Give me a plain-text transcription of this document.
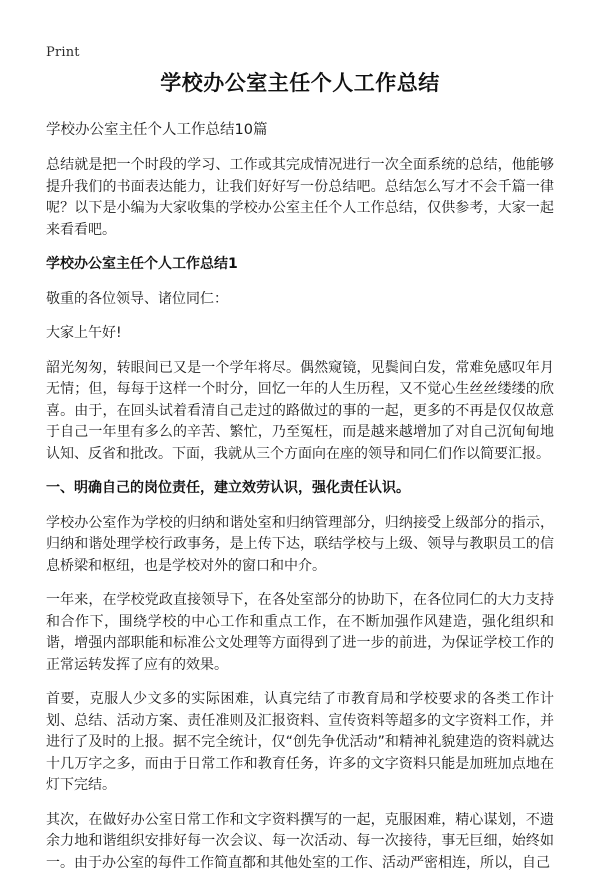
Print
学校办公室主任个人工作总结

学校办公室主任个人工作总结10篇

总结就是把一个时段的学习、工作或其完成情况进行一次全面系统的总结，他能够提升我们的书面表达能力，让我们好好写一份总结吧。总结怎么写才不会千篇一律呢？以下是小编为大家收集的学校办公室主任个人工作总结，仅供参考，大家一起来看看吧。

学校办公室主任个人工作总结1

敬重的各位领导、诸位同仁：

大家上午好!

韶光匆匆，转眼间已又是一个学年将尽。偶然窥镜，见鬓间白发，常难免感叹年月无情；但，每每于这样一个时分，回忆一年的人生历程，又不觉心生丝丝缕缕的欣喜。由于，在回头试着看清自己走过的路做过的事的一起，更多的不再是仅仅故意于自己一年里有多么的辛苦、繁忙，乃至冤枉，而是越来越增加了对自己沉甸甸地认知、反省和批改。下面，我就从三个方面向在座的领导和同仁们作以简要汇报。

一、明确自己的岗位责任，建立效劳认识，强化责任认识。

学校办公室作为学校的归纳和谐处室和归纳管理部分，归纳接受上级部分的指示，归纳和谐处理学校行政事务，是上传下达，联结学校与上级、领导与教职员工的信息桥梁和枢纽，也是学校对外的窗口和中介。

一年来，在学校党政直接领导下，在各处室部分的协助下，在各位同仁的大力支持和合作下，围绕学校的中心工作和重点工作，在不断加强作风建造，强化组织和谐，增强内部职能和标准公文处理等方面得到了进一步的前进，为保证学校工作的正常运转发挥了应有的效果。

首要，克服人少文多的实际困难，认真完结了市教育局和学校要求的各类工作计划、总结、活动方案、责任准则及汇报资料、宣传资料等超多的文字资料工作，并进行了及时的上报。据不完全统计，仅“创先争优活动”和精神礼貌建造的资料就达十几万字之多，而由于日常工作和教育任务，许多的文字资料只能是加班加点地在灯下完结。

其次，在做好办公室日常工作和文字资料撰写的一起，克服困难，精心谋划，不遗余力地和谐组织安排好每一次会议、每一次活动、每一次接待，事无巨细，始终如一。由于办公室的每件工作简直都和其他处室的工作、活动严密相连，所以，自己
